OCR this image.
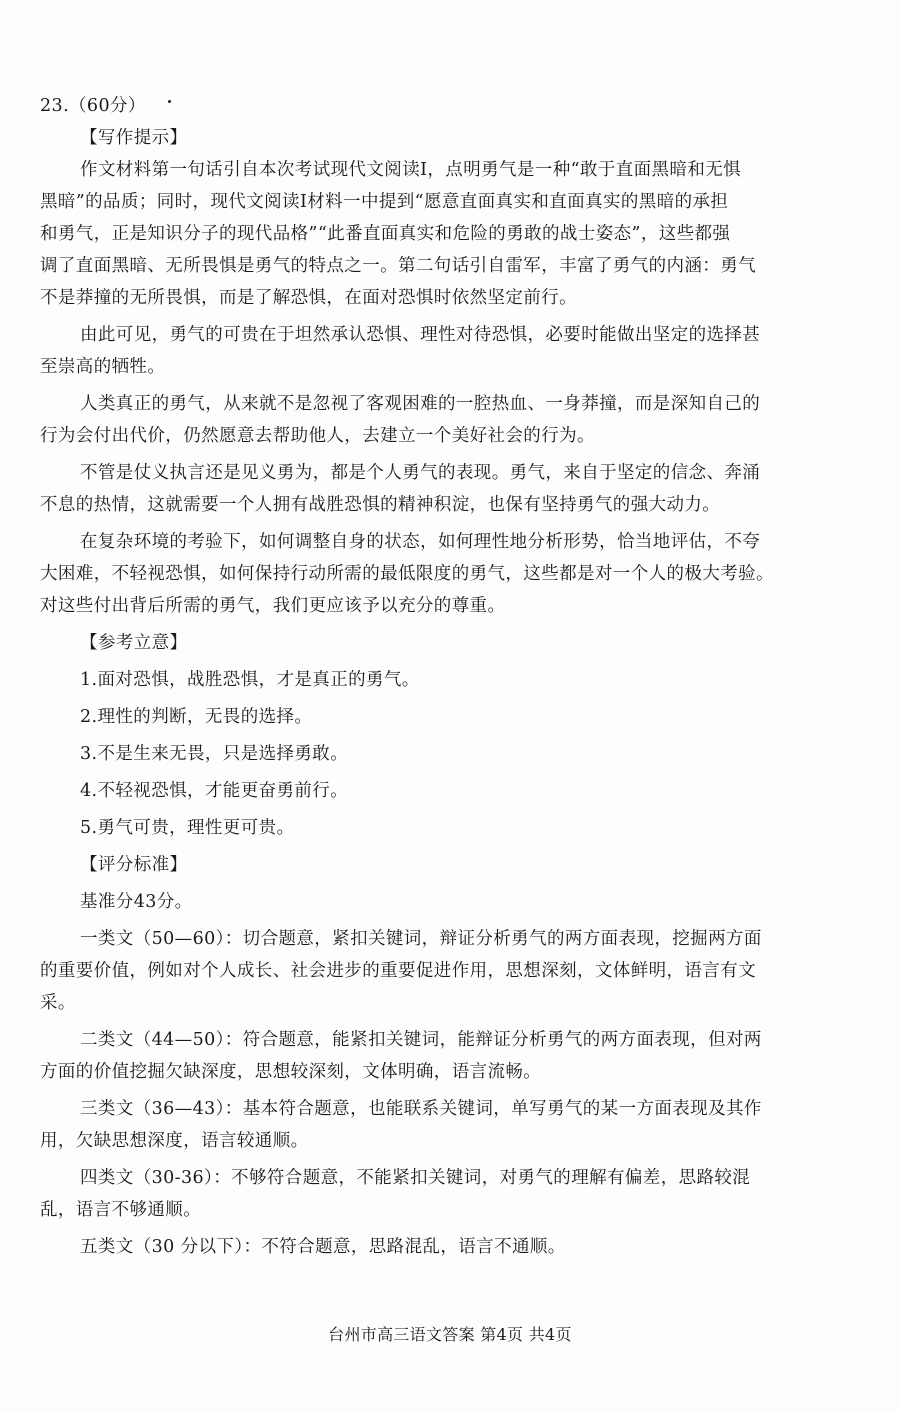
23.（60分）
【写作提示】
作文材料第一句话引自本次考试现代文阅读Ⅰ，点明勇气是一种“敢于直面黑暗和无惧
黑暗”的品质；同时，现代文阅读Ⅰ材料一中提到“愿意直面真实和直面真实的黑暗的承担
和勇气，正是知识分子的现代品格”“此番直面真实和危险的勇敢的战士姿态”，这些都强
调了直面黑暗、无所畏惧是勇气的特点之一。第二句话引自雷军，丰富了勇气的内涵：勇气
不是莽撞的无所畏惧，而是了解恐惧，在面对恐惧时依然坚定前行。
由此可见，勇气的可贵在于坦然承认恐惧、理性对待恐惧，必要时能做出坚定的选择甚
至崇高的牺牲。
人类真正的勇气，从来就不是忽视了客观困难的一腔热血、一身莽撞，而是深知自己的
行为会付出代价，仍然愿意去帮助他人，去建立一个美好社会的行为。
不管是仗义执言还是见义勇为，都是个人勇气的表现。勇气，来自于坚定的信念、奔涌
不息的热情，这就需要一个人拥有战胜恐惧的精神积淀，也保有坚持勇气的强大动力。
在复杂环境的考验下，如何调整自身的状态，如何理性地分析形势，恰当地评估，不夸
大困难，不轻视恐惧，如何保持行动所需的最低限度的勇气，这些都是对一个人的极大考验。
对这些付出背后所需的勇气，我们更应该予以充分的尊重。
【参考立意】
1.面对恐惧，战胜恐惧，才是真正的勇气。
2.理性的判断，无畏的选择。
3.不是生来无畏，只是选择勇敢。
4.不轻视恐惧，才能更奋勇前行。
5.勇气可贵，理性更可贵。
【评分标准】
基准分43分。
一类文（50—60）：切合题意，紧扣关键词，辩证分析勇气的两方面表现，挖掘两方面
的重要价值，例如对个人成长、社会进步的重要促进作用，思想深刻，文体鲜明，语言有文
采。
二类文（44—50）：符合题意，能紧扣关键词，能辩证分析勇气的两方面表现，但对两
方面的价值挖掘欠缺深度，思想较深刻，文体明确，语言流畅。
三类文（36—43）：基本符合题意，也能联系关键词，单写勇气的某一方面表现及其作
用，欠缺思想深度，语言较通顺。
四类文（30-36）：不够符合题意，不能紧扣关键词，对勇气的理解有偏差，思路较混
乱，语言不够通顺。
五类文（30 分以下）：不符合题意，思路混乱，语言不通顺。
台州市高三语文答案 第4页 共4页
